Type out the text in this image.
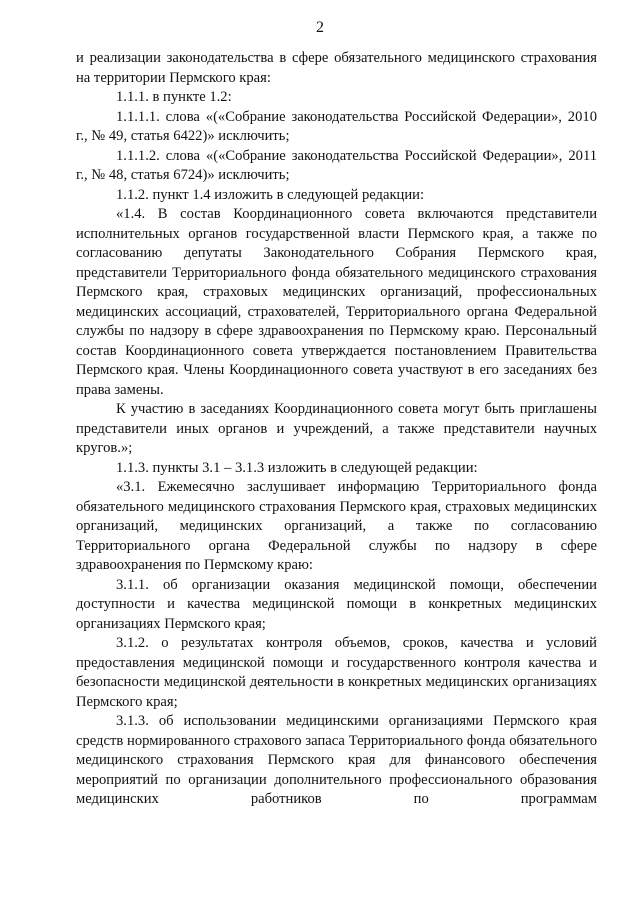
2

и реализации законодательства в сфере обязательного медицинского страхования на территории Пермского края:

1.1.1. в пункте 1.2:

1.1.1.1. слова «(«Собрание законодательства Российской Федерации», 2010 г., № 49, статья 6422)» исключить;

1.1.1.2. слова «(«Собрание законодательства Российской Федерации», 2011 г., № 48, статья 6724)» исключить;

1.1.2. пункт 1.4 изложить в следующей редакции:

«1.4. В состав Координационного совета включаются представители исполнительных органов государственной власти Пермского края, а также по согласованию депутаты Законодательного Собрания Пермского края, представители Территориального фонда обязательного медицинского страхования Пермского края, страховых медицинских организаций, профессиональных медицинских ассоциаций, страхователей, Территориального органа Федеральной службы по надзору в сфере здравоохранения по Пермскому краю. Персональный состав Координационного совета утверждается постановлением Правительства Пермского края. Члены Координационного совета участвуют в его заседаниях без права замены.

К участию в заседаниях Координационного совета могут быть приглашены представители иных органов и учреждений, а также представители научных кругов.»;

1.1.3. пункты 3.1 – 3.1.3 изложить в следующей редакции:

«3.1. Ежемесячно заслушивает информацию Территориального фонда обязательного медицинского страхования Пермского края, страховых медицинских организаций, медицинских организаций, а также по согласованию Территориального органа Федеральной службы по надзору в сфере здравоохранения по Пермскому краю:

3.1.1. об организации оказания медицинской помощи, обеспечении доступности и качества медицинской помощи в конкретных медицинских организациях Пермского края;

3.1.2. о результатах контроля объемов, сроков, качества и условий предоставления медицинской помощи и государственного контроля качества и безопасности медицинской деятельности в конкретных медицинских организациях Пермского края;

3.1.3. об использовании медицинскими организациями Пермского края средств нормированного страхового запаса Территориального фонда обязательного медицинского страхования Пермского края для финансового обеспечения мероприятий по организации дополнительного профессионального образования медицинских работников по программам
